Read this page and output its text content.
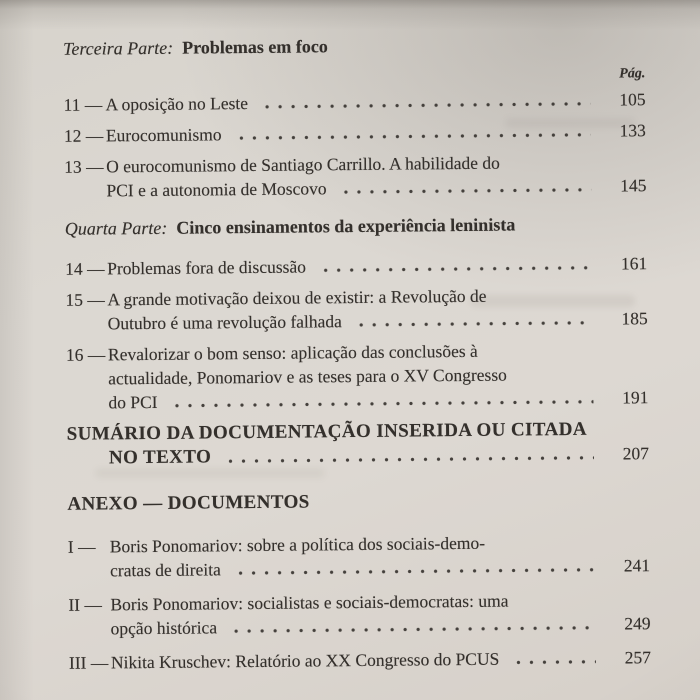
Terceira Parte: Problemas em foco
Pág.
11 — A oposição no Leste	105
12 — Eurocomunismo	133
13 — O eurocomunismo de Santiago Carrillo. A habilidade do
PCI e a autonomia de Moscovo	145
Quarta Parte: Cinco ensinamentos da experiência leninista
14 — Problemas fora de discussão	161
15 — A grande motivação deixou de existir: a Revolução de
Outubro é uma revolução falhada	185
16 — Revalorizar o bom senso: aplicação das conclusões à
actualidade, Ponomariov e as teses para o XV Congresso
do PCI	191
SUMÁRIO DA DOCUMENTAÇÃO INSERIDA OU CITADA
NO TEXTO	207
ANEXO — DOCUMENTOS
I — Boris Ponomariov: sobre a política dos sociais-demo-
cratas de direita	241
II — Boris Ponomariov: socialistas e sociais-democratas: uma
opção histórica	249
III — Nikita Kruschev: Relatório ao XX Congresso do PCUS	257
